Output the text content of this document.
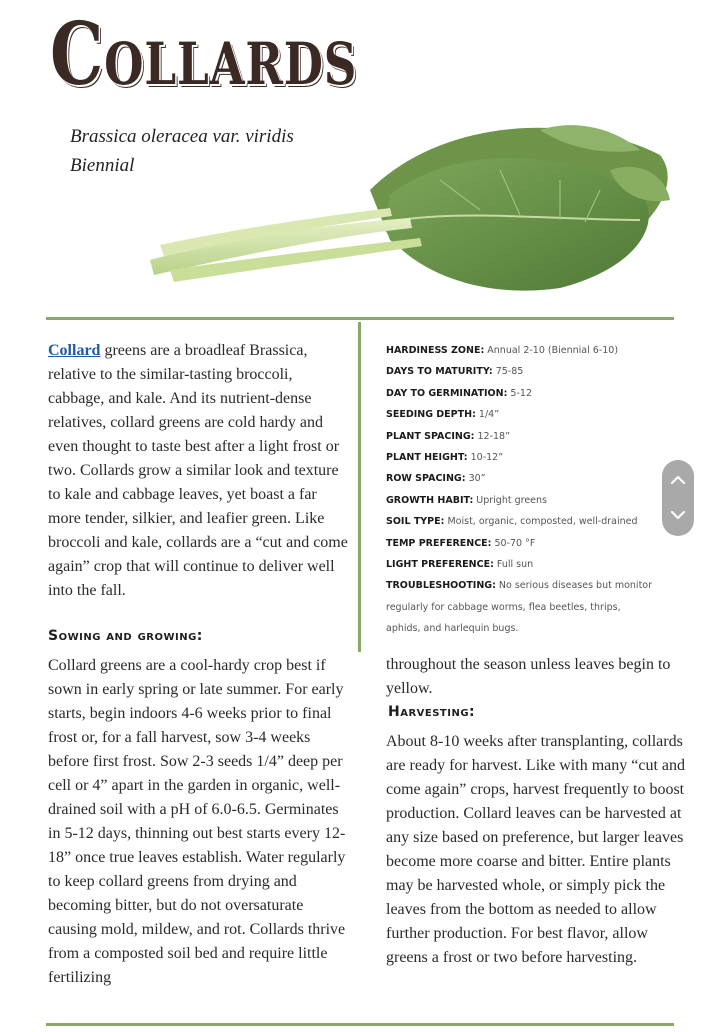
COLLARDS
Brassica oleracea var. viridis
Biennial
Collard greens are a broadleaf Brassica, relative to the similar-tasting broccoli, cabbage, and kale. And its nutrient-dense relatives, collard greens are cold hardy and even thought to taste best after a light frost or two. Collards grow a similar look and texture to kale and cabbage leaves, yet boast a far more tender, silkier, and leafier green. Like broccoli and kale, collards are a “cut and come again” crop that will continue to deliver well into the fall.
HARDINESS ZONE: Annual 2-10 (Biennial 6-10)
DAYS TO MATURITY: 75-85
DAY TO GERMINATION: 5-12
SEEDING DEPTH: 1/4”
PLANT SPACING: 12-18”
PLANT HEIGHT: 10-12”
ROW SPACING: 30”
GROWTH HABIT: Upright greens
SOIL TYPE: Moist, organic, composted, well-drained
TEMP PREFERENCE: 50-70 °F
LIGHT PREFERENCE: Full sun
TROUBLESHOOTING: No serious diseases but monitor regularly for cabbage worms, flea beetles, thrips, aphids, and harlequin bugs.
Sowing and growing:
Collard greens are a cool-hardy crop best if sown in early spring or late summer. For early starts, begin indoors 4-6 weeks prior to final frost or, for a fall harvest, sow 3-4 weeks before first frost. Sow 2-3 seeds 1/4” deep per cell or 4” apart in the garden in organic, well-drained soil with a pH of 6.0-6.5. Germinates in 5-12 days, thinning out best starts every 12-18” once true leaves establish. Water regularly to keep collard greens from drying and becoming bitter, but do not oversaturate causing mold, mildew, and rot. Collards thrive from a composted soil bed and require little fertilizing
throughout the season unless leaves begin to yellow.
Harvesting:
About 8-10 weeks after transplanting, collards are ready for harvest. Like with many “cut and come again” crops, harvest frequently to boost production. Collard leaves can be harvested at any size based on preference, but larger leaves become more coarse and bitter. Entire plants may be harvested whole, or simply pick the leaves from the bottom as needed to allow further production. For best flavor, allow greens a frost or two before harvesting.
